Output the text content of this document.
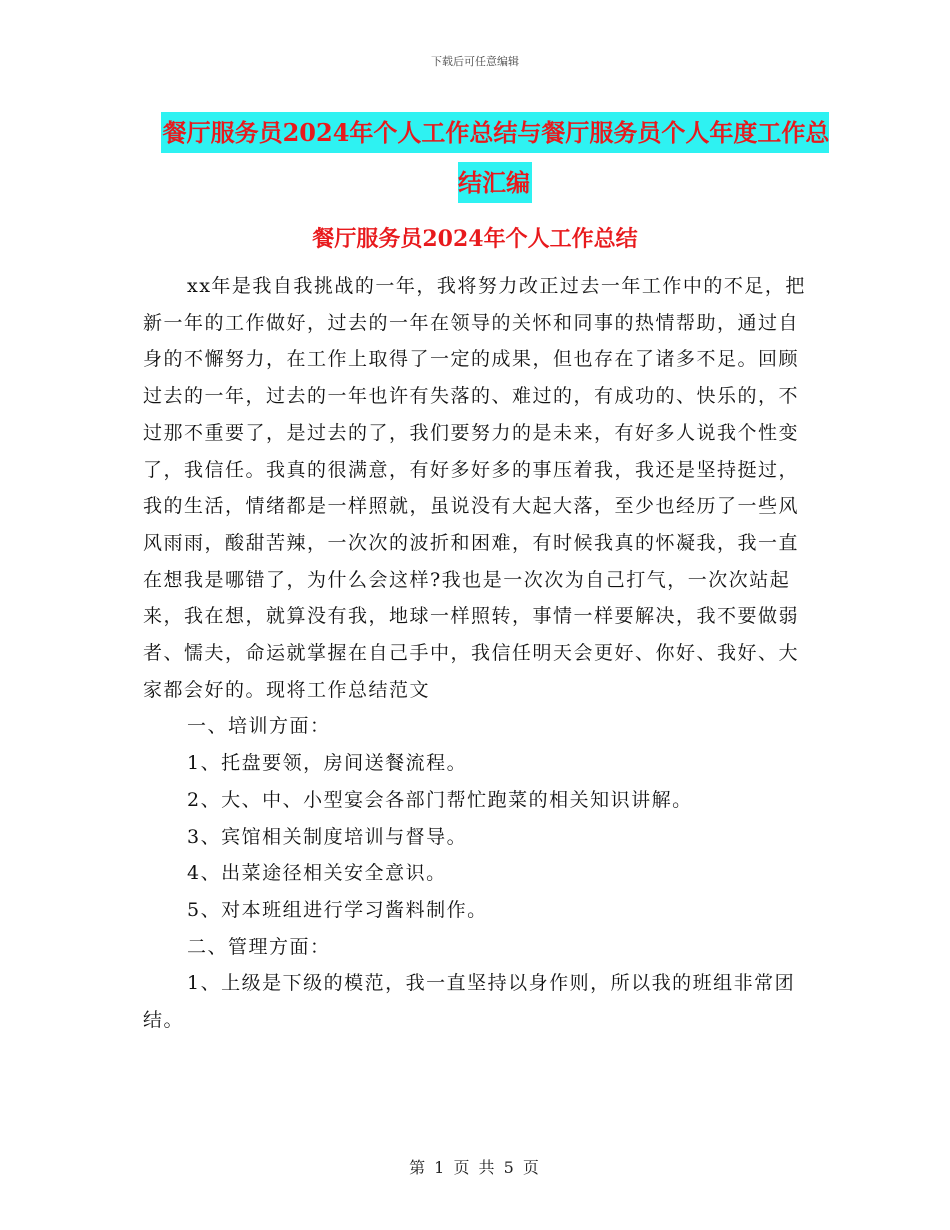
下载后可任意编辑
餐厅服务员2024年个人工作总结与餐厅服务员个人年度工作总结汇编
餐厅服务员2024年个人工作总结

xx年是我自我挑战的一年，我将努力改正过去一年工作中的不足，把新一年的工作做好，过去的一年在领导的关怀和同事的热情帮助，通过自身的不懈努力，在工作上取得了一定的成果，但也存在了诸多不足。回顾过去的一年，过去的一年也许有失落的、难过的，有成功的、快乐的，不过那不重要了，是过去的了，我们要努力的是未来，有好多人说我个性变了，我信任。我真的很满意，有好多好多的事压着我，我还是坚持挺过，我的生活，情绪都是一样照就，虽说没有大起大落，至少也经历了一些风风雨雨，酸甜苦辣，一次次的波折和困难，有时候我真的怀凝我，我一直在想我是哪错了，为什么会这样?我也是一次次为自己打气，一次次站起来，我在想，就算没有我，地球一样照转，事情一样要解决，我不要做弱者、懦夫，命运就掌握在自己手中，我信任明天会更好、你好、我好、大家都会好的。现将工作总结范文

一、培训方面：

1、托盘要领，房间送餐流程。

2、大、中、小型宴会各部门帮忙跑菜的相关知识讲解。

3、宾馆相关制度培训与督导。

4、出菜途径相关安全意识。

5、对本班组进行学习酱料制作。

二、管理方面：

1、上级是下级的模范，我一直坚持以身作则，所以我的班组非常团结。

第 1 页 共 5 页
